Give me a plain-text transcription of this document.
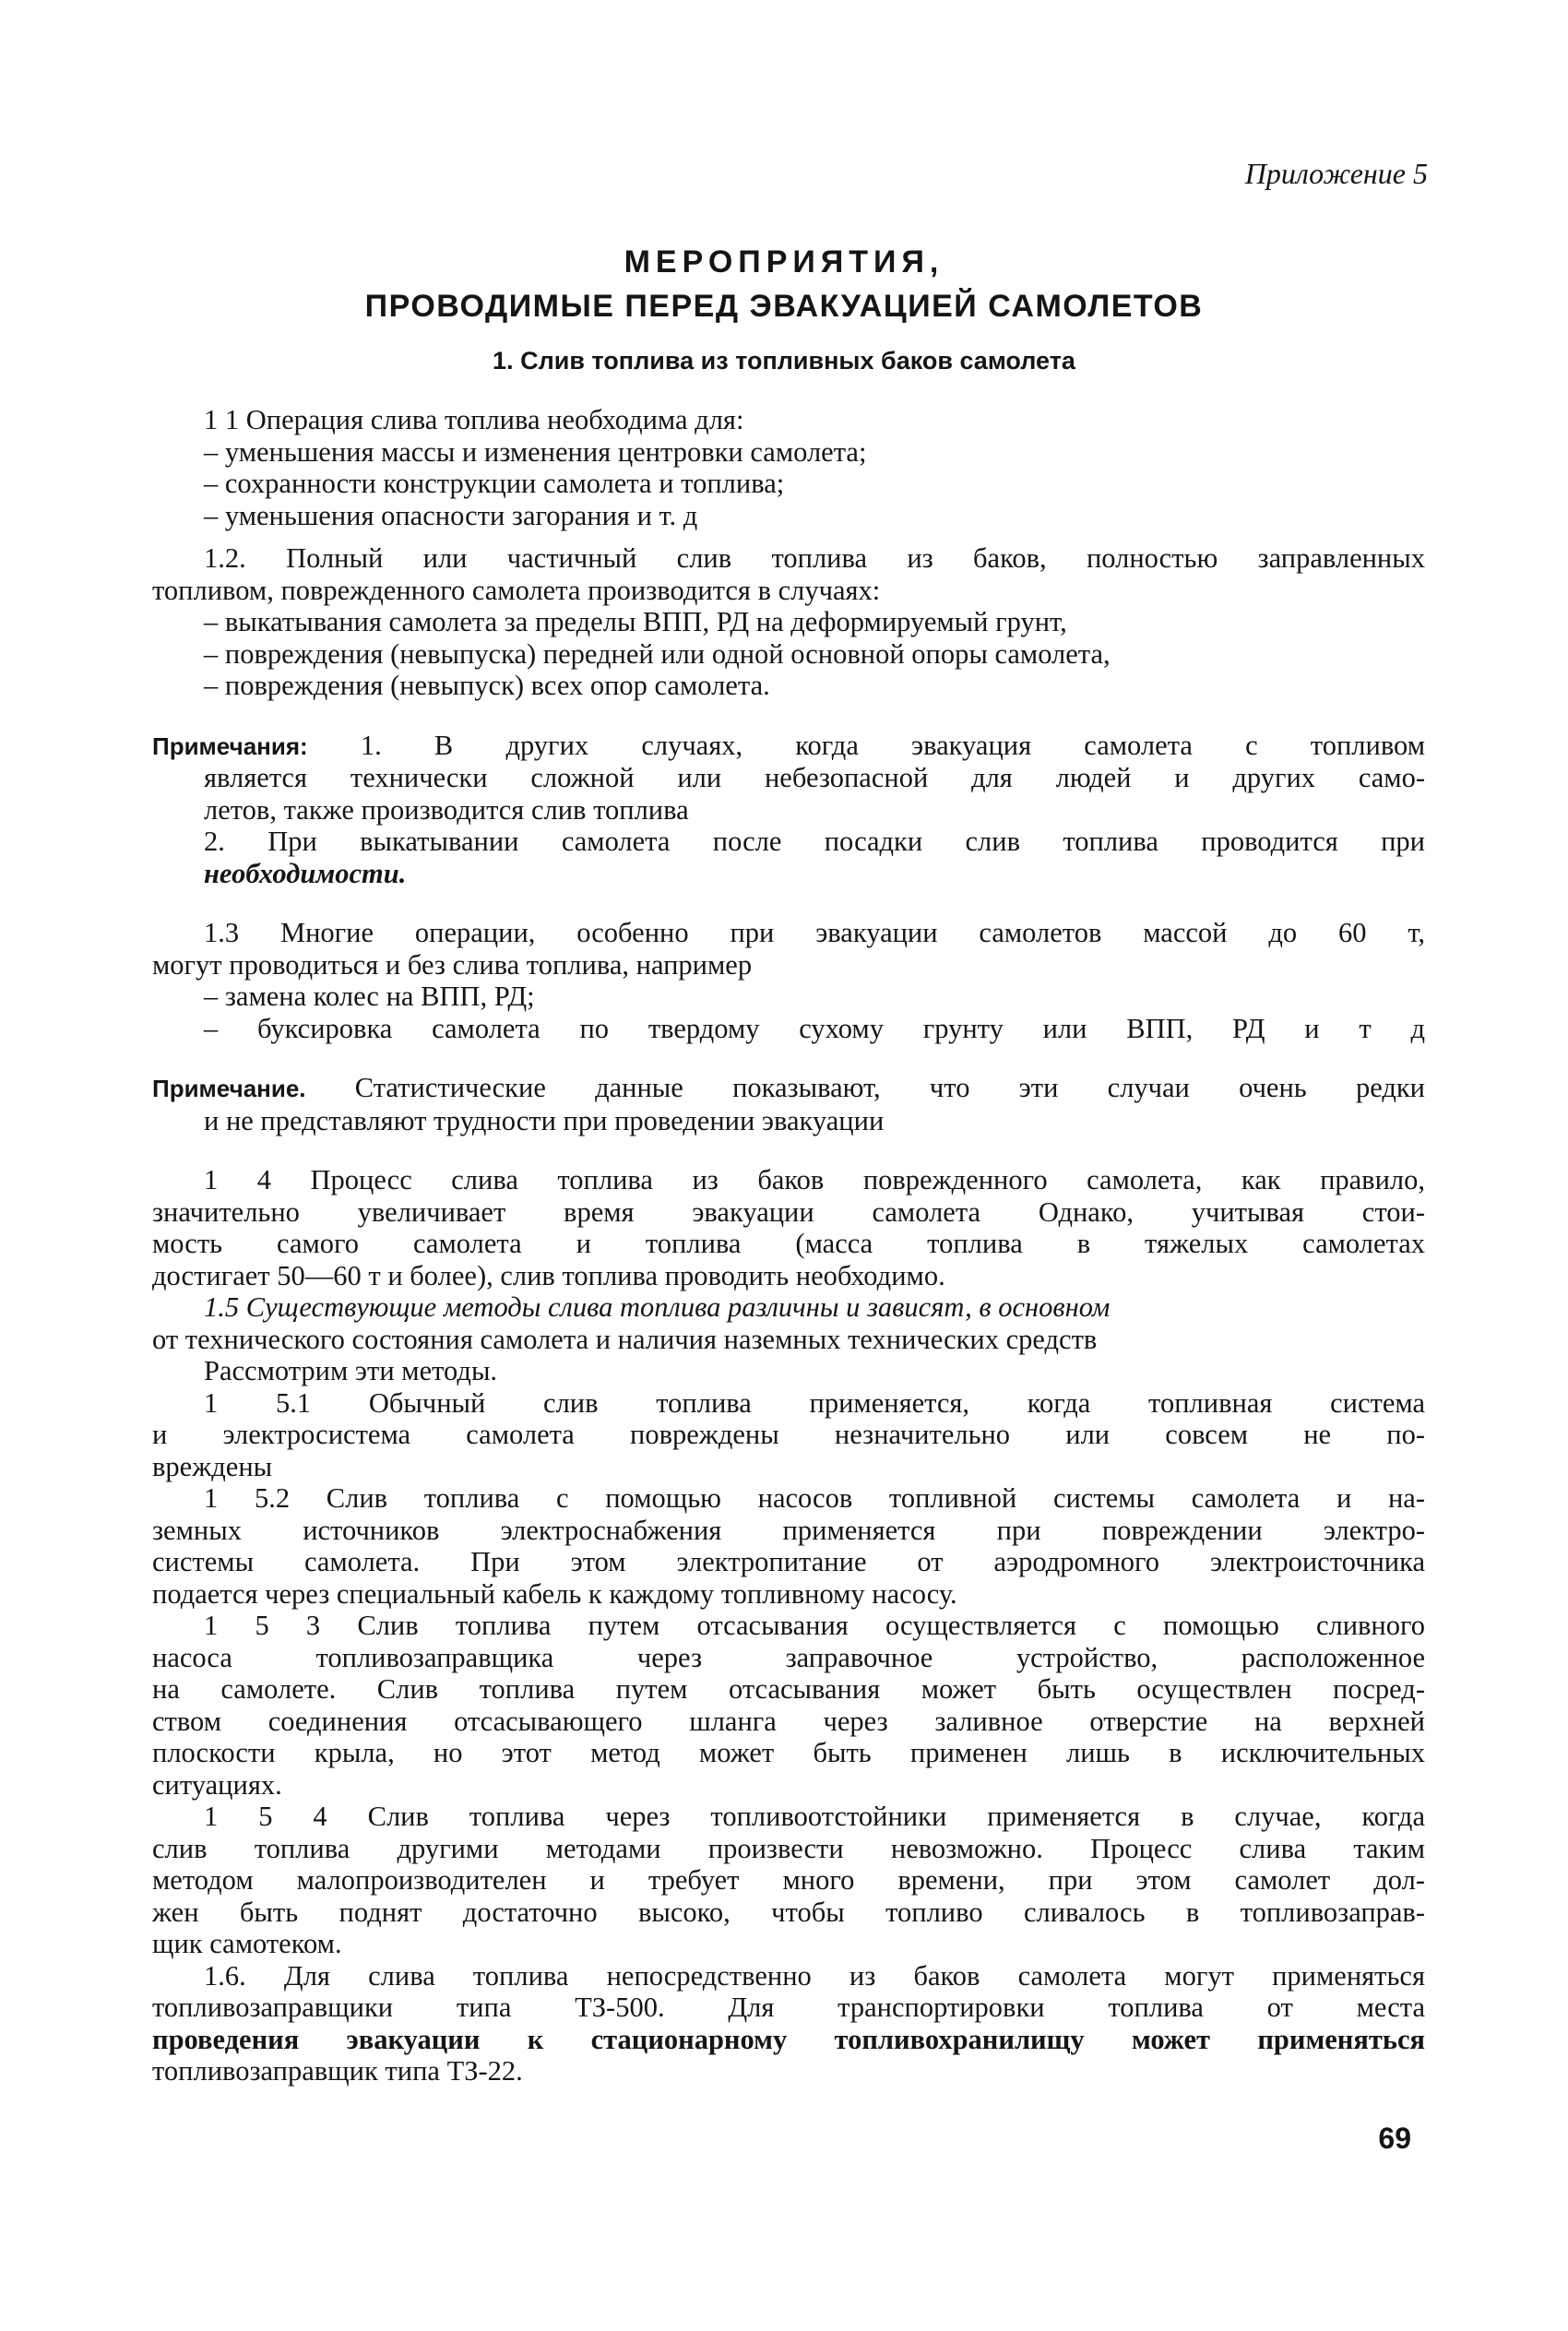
Приложение 5
МЕРОПРИЯТИЯ,
ПРОВОДИМЫЕ ПЕРЕД ЭВАКУАЦИЕЙ САМОЛЕТОВ
1. Слив топлива из топливных баков самолета

1 1 Операция слива топлива необходима для:

– уменьшения массы и изменения центровки самолета;

– сохранности конструкции самолета и топлива;

– уменьшения опасности загорания и т. д

1.2. Полный или частичный слив топлива из баков, полностью заправленных

топливом, поврежденного самолета производится в случаях:

– выкатывания самолета за пределы ВПП, РД на деформируемый грунт,

– повреждения (невыпуска) передней или одной основной опоры самолета,

– повреждения (невыпуск) всех опор самолета.

Примечания: 1. В других случаях, когда эвакуация самолета с топливом

является технически сложной или небезопасной для людей и других само-

летов, также производится слив топлива

2. При выкатывании самолета после посадки слив топлива проводится при

необходимости.

1.3 Многие операции, особенно при эвакуации самолетов массой до 60 т,

могут проводиться и без слива топлива, например

– замена колес на ВПП, РД;

– буксировка самолета по твердому сухому грунту или ВПП, РД и т д

Примечание. Статистические данные показывают, что эти случаи очень редки

и не представляют трудности при проведении эвакуации

1 4 Процесс слива топлива из баков поврежденного самолета, как правило,

значительно увеличивает время эвакуации самолета Однако, учитывая стои-

мость самого самолета и топлива (масса топлива в тяжелых самолетах

достигает 50—60 т и более), слив топлива проводить необходимо.

1.5 Существующие методы слива топлива различны и зависят, в основном

от технического состояния самолета и наличия наземных технических средств

Рассмотрим эти методы.

1 5.1 Обычный слив топлива применяется, когда топливная система

и электросистема самолета повреждены незначительно или совсем не по-

вреждены

1 5.2 Слив топлива с помощью насосов топливной системы самолета и на-

земных источников электроснабжения применяется при повреждении электро-

системы самолета. При этом электропитание от аэродромного электроисточника

подается через специальный кабель к каждому топливному насосу.

1 5 3 Слив топлива путем отсасывания осуществляется с помощью сливного

насоса топливозаправщика через заправочное устройство, расположенное

на самолете. Слив топлива путем отсасывания может быть осуществлен посред-

ством соединения отсасывающего шланга через заливное отверстие на верхней

плоскости крыла, но этот метод может быть применен лишь в исключительных

ситуациях.

1 5 4 Слив топлива через топливоотстойники применяется в случае, когда

слив топлива другими методами произвести невозможно. Процесс слива таким

методом малопроизводителен и требует много времени, при этом самолет дол-

жен быть поднят достаточно высоко, чтобы топливо сливалось в топливозаправ-

щик самотеком.

1.6. Для слива топлива непосредственно из баков самолета могут применяться

топливозаправщики типа ТЗ-500. Для транспортировки топлива от места

проведения эвакуации к стационарному топливохранилищу может применяться

топливозаправщик типа ТЗ-22.

69
